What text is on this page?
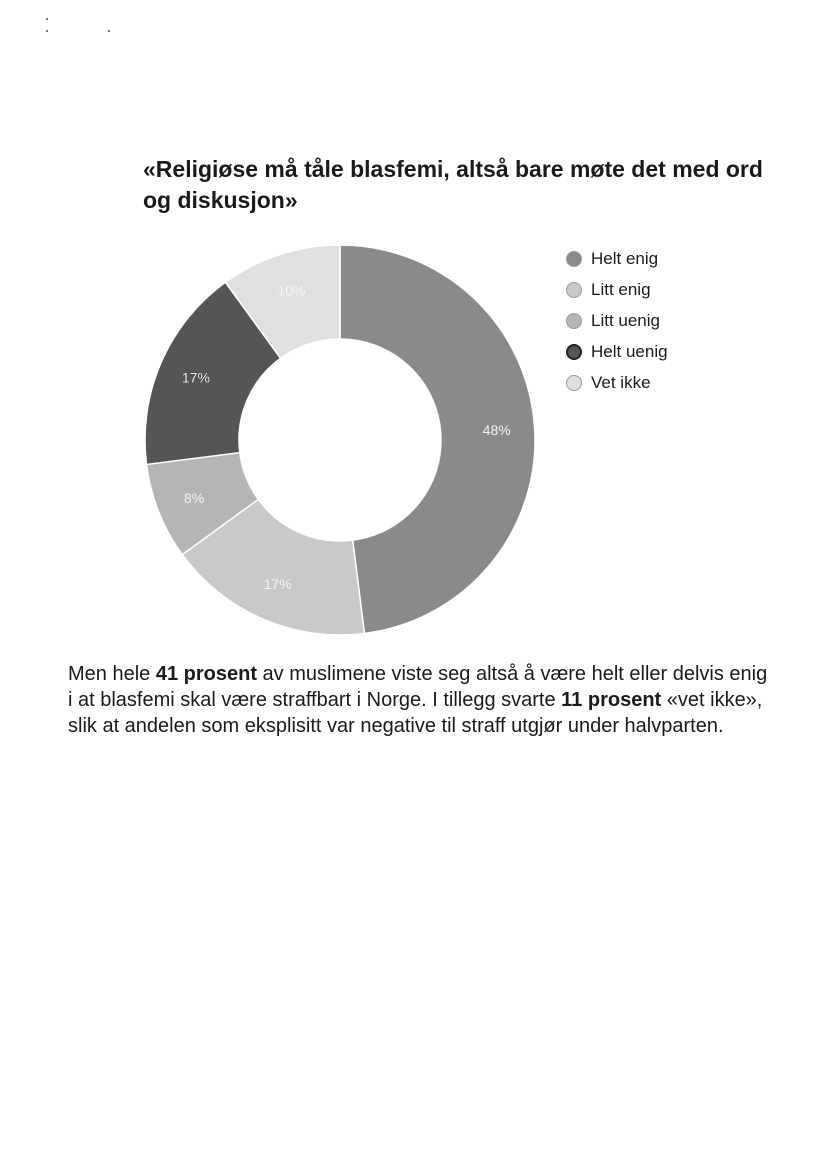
«Religiøse må tåle blasfemi, altså bare møte det med ord og diskusjon»
48%
17%
8%
17%
10%
Helt enig
Litt enig
Litt uenig
Helt uenig
Vet ikke

Men hele 41 prosent av muslimene viste seg altså å være helt eller delvis enig i at blasfemi skal være straffbart i Norge. I tillegg svarte 11 prosent «vet ikke», slik at andelen som eksplisitt var negative til straff utgjør under halvparten.
